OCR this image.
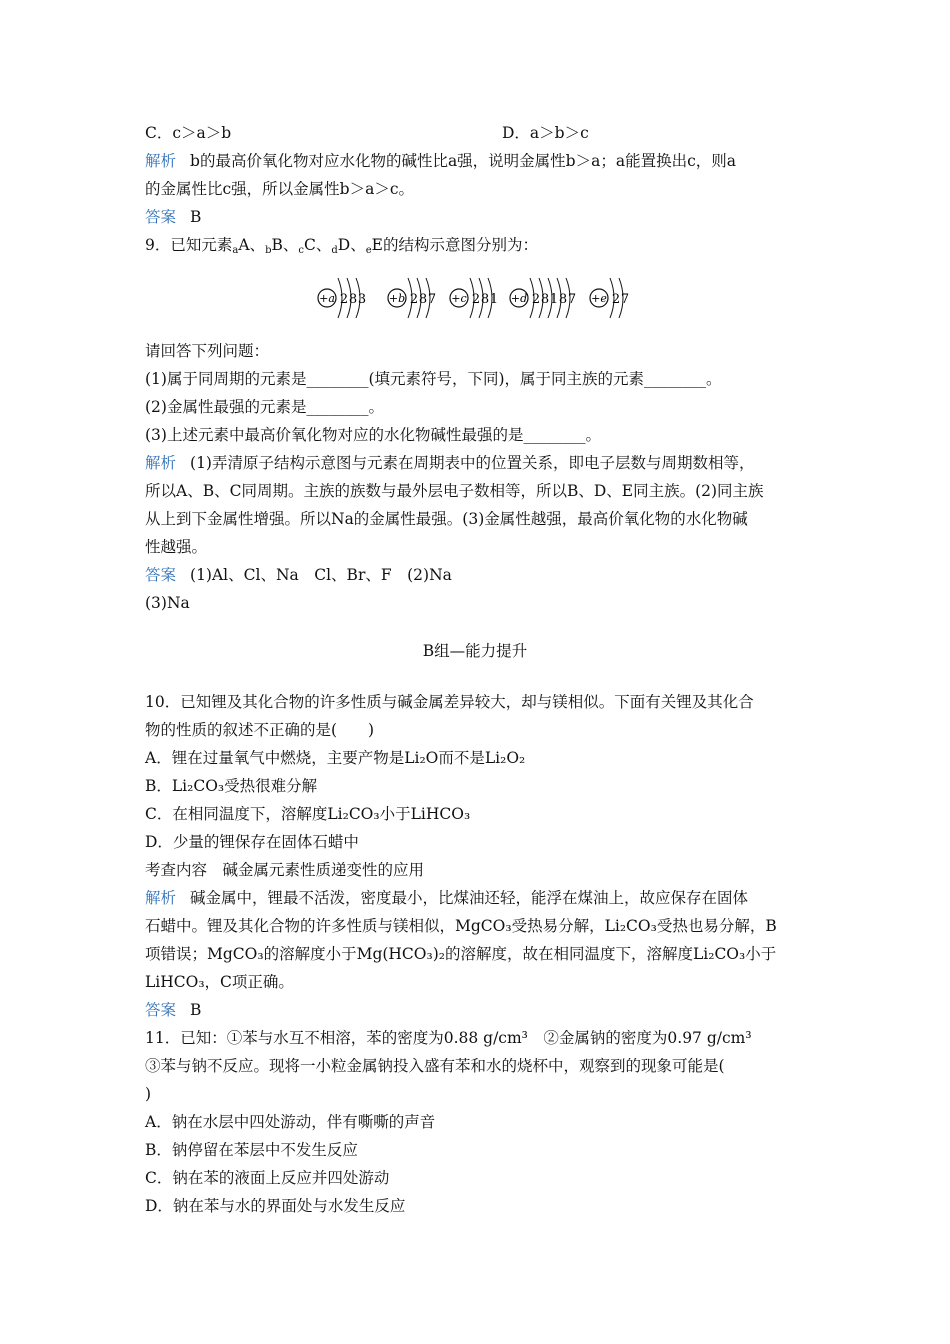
C．c＞a＞b	D．a＞b＞c
解析 b的最高价氧化物对应水化物的碱性比a强，说明金属性b＞a；a能置换出c，则a
的金属性比c强，所以金属性b＞a＞c。
答案 B
9．已知元素$_a$A、$_b$B、$_c$C、$_d$D、$_e$E的结构示意图分别为：
+a 2 8 3 +b 2 8 7 +c 2 8 1 +d 2 8 1 8 7 +e 2 7
请回答下列问题：
(1)属于同周期的元素是________(填元素符号，下同)，属于同主族的元素________。
(2)金属性最强的元素是________。
(3)上述元素中最高价氧化物对应的水化物碱性最强的是________。
解析 (1)弄清原子结构示意图与元素在周期表中的位置关系，即电子层数与周期数相等，
所以A、B、C同周期。主族的族数与最外层电子数相等，所以B、D、E同主族。(2)同主族
从上到下金属性增强。所以Na的金属性最强。(3)金属性越强，最高价氧化物的水化物碱
性越强。
答案 (1)Al、Cl、Na　Cl、Br、F　(2)Na
(3)Na
B组—能力提升
10．已知锂及其化合物的许多性质与碱金属差异较大，却与镁相似。下面有关锂及其化合
物的性质的叙述不正确的是(　　)
A．锂在过量氧气中燃烧，主要产物是Li₂O而不是Li₂O₂
B．Li₂CO₃受热很难分解
C．在相同温度下，溶解度Li₂CO₃小于LiHCO₃
D．少量的锂保存在固体石蜡中
考查内容　碱金属元素性质递变性的应用
解析 碱金属中，锂最不活泼，密度最小，比煤油还轻，能浮在煤油上，故应保存在固体
石蜡中。锂及其化合物的许多性质与镁相似，MgCO₃受热易分解，Li₂CO₃受热也易分解，B
项错误；MgCO₃的溶解度小于Mg(HCO₃)₂的溶解度，故在相同温度下，溶解度Li₂CO₃小于
LiHCO₃，C项正确。
答案 B
11．已知：①苯与水互不相溶，苯的密度为0.88 g/cm³　②金属钠的密度为0.97 g/cm³
③苯与钠不反应。现将一小粒金属钠投入盛有苯和水的烧杯中，观察到的现象可能是(
)
A．钠在水层中四处游动，伴有嘶嘶的声音
B．钠停留在苯层中不发生反应
C．钠在苯的液面上反应并四处游动
D．钠在苯与水的界面处与水发生反应
